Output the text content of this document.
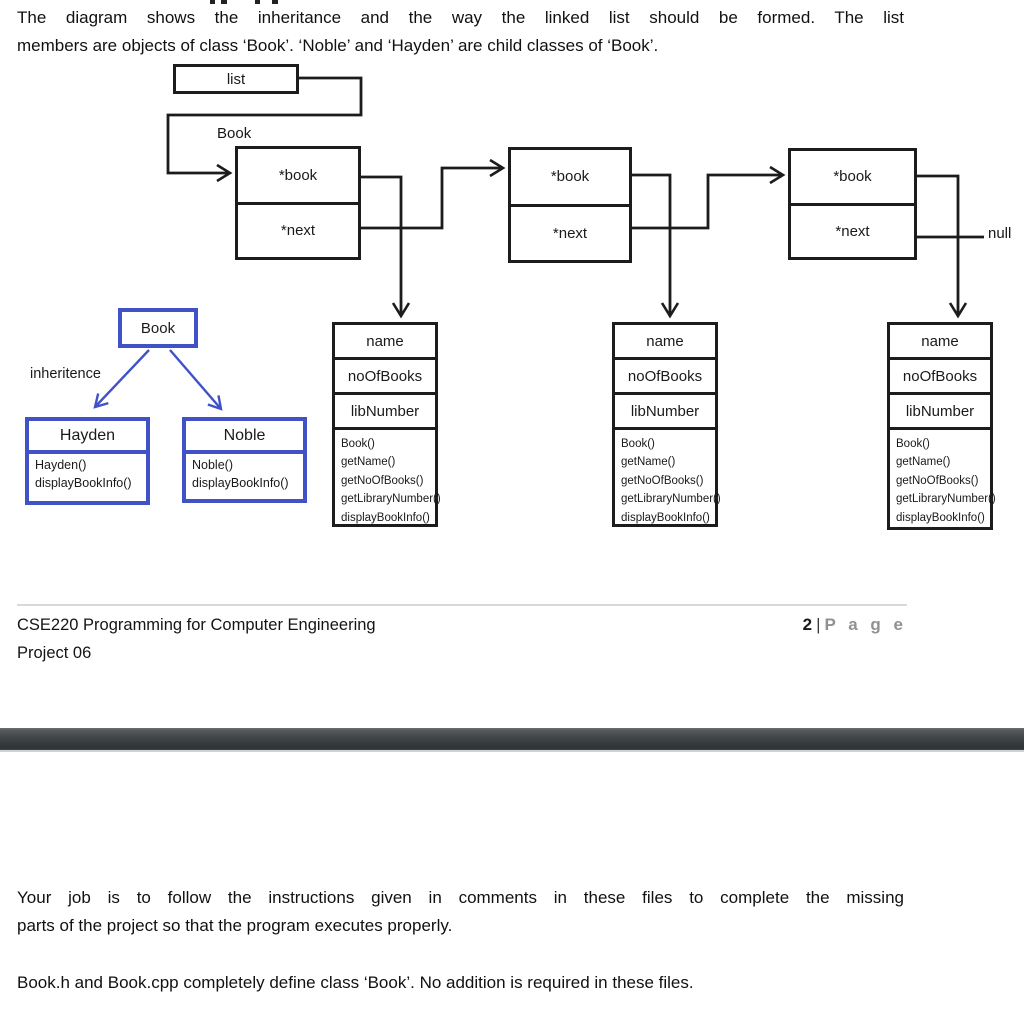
The diagram shows the inheritance and the way the linked list should be formed. The list
members are objects of class ‘Book’. ‘Noble’ and ‘Hayden’ are child classes of ‘Book’.
list
Book
*book
*next
*book
*next
*book
*next	null
name
noOfBooks
libNumber
Book()
getName()
getNoOfBooks()
getLibraryNumber()
displayBookInfo()
name
noOfBooks
libNumber
Book()
getName()
getNoOfBooks()
getLibraryNumber()
displayBookInfo()
name
noOfBooks
libNumber
Book()
getName()
getNoOfBooks()
getLibraryNumber()
displayBookInfo()
Book
inheritence
Hayden
Hayden()
displayBookInfo()
Noble
Noble()
displayBookInfo()
CSE220 Programming for Computer Engineering
Project 06
2 | P a g e
Your job is to follow the instructions given in comments in these files to complete the missing
parts of the project so that the program executes properly.
Book.h and Book.cpp completely define class ‘Book’. No addition is required in these files.
